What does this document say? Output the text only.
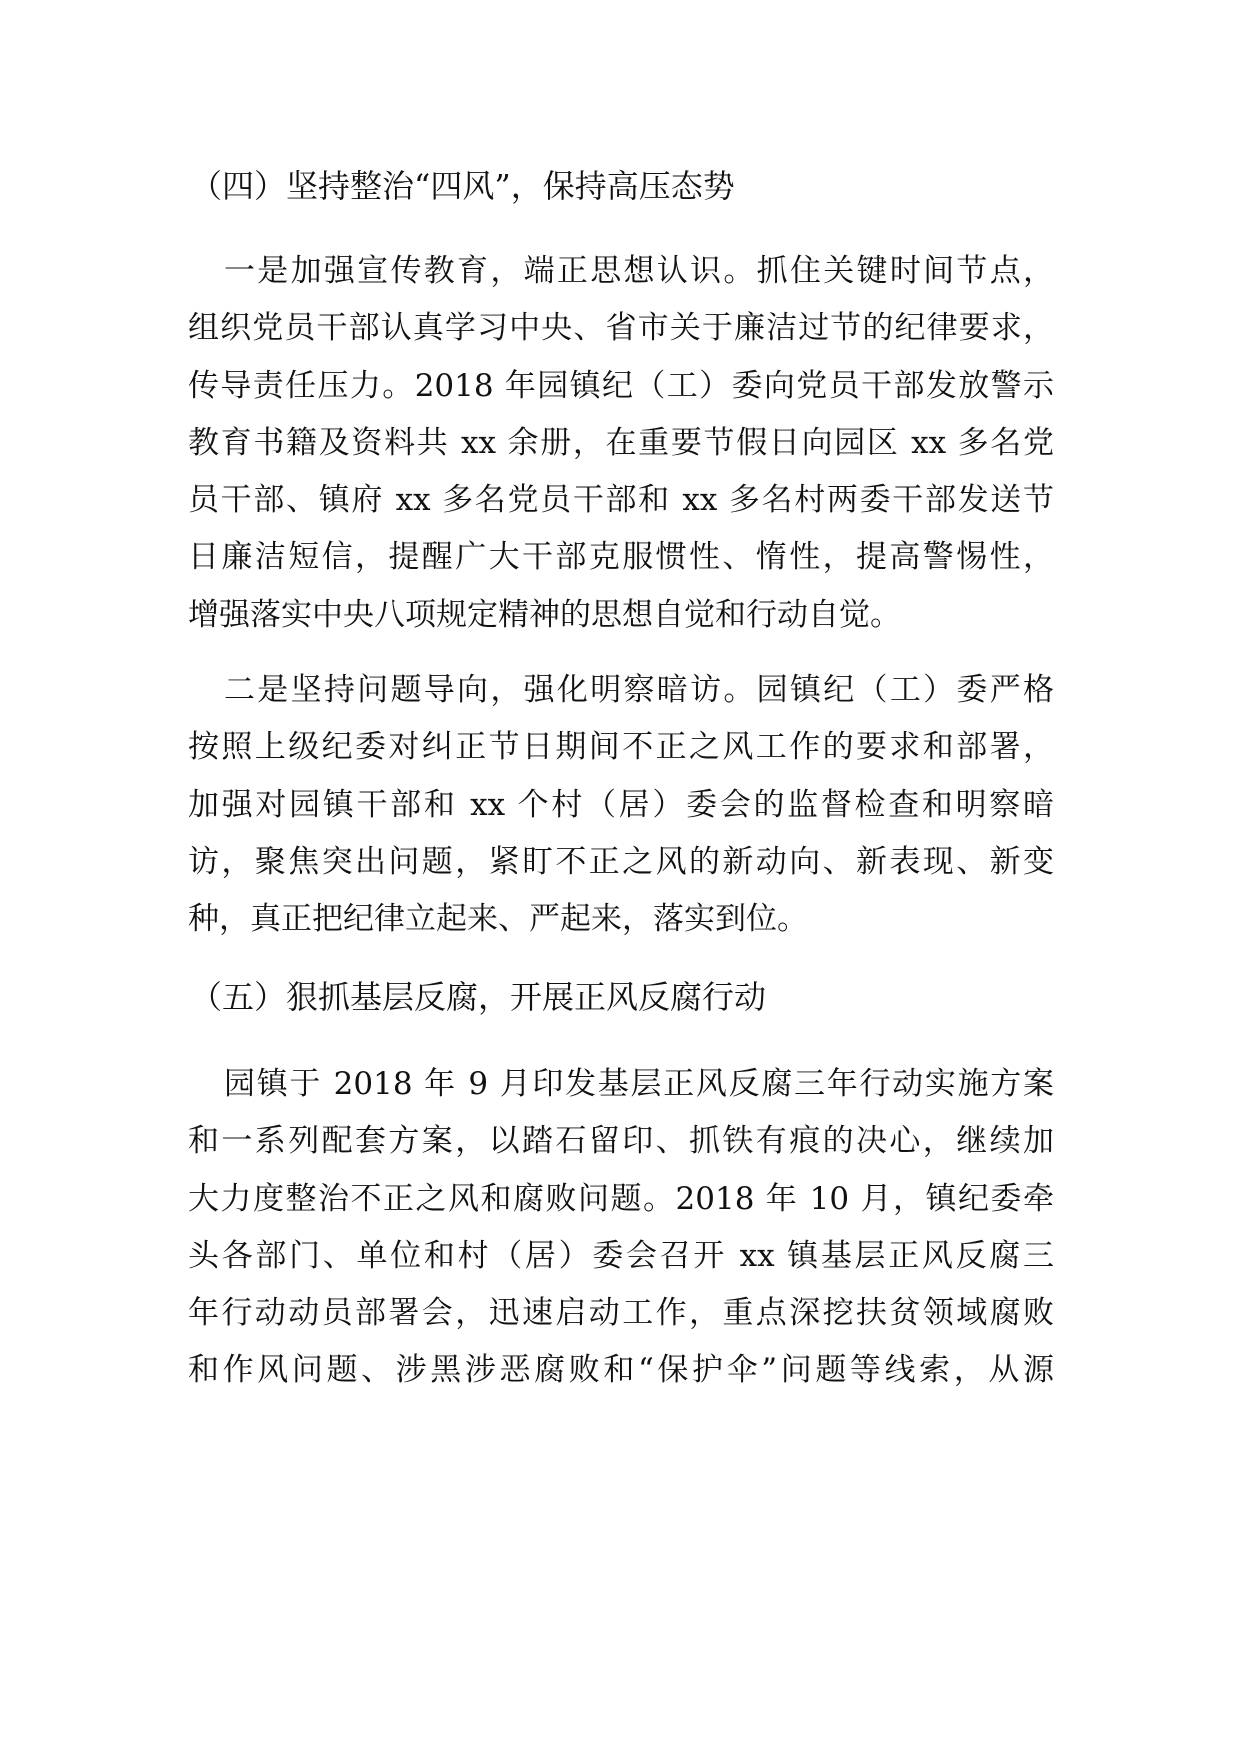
（四）坚持整治“四风”，保持高压态势
一是加强宣传教育，端正思想认识。抓住关键时间节点，
组织党员干部认真学习中央、省市关于廉洁过节的纪律要求，
传导责任压力。2018 年园镇纪（工）委向党员干部发放警示
教育书籍及资料共 xx 余册，在重要节假日向园区 xx 多名党
员干部、镇府 xx 多名党员干部和 xx 多名村两委干部发送节
日廉洁短信，提醒广大干部克服惯性、惰性，提高警惕性，
增强落实中央八项规定精神的思想自觉和行动自觉。
二是坚持问题导向，强化明察暗访。园镇纪（工）委严格
按照上级纪委对纠正节日期间不正之风工作的要求和部署，
加强对园镇干部和 xx 个村（居）委会的监督检查和明察暗
访，聚焦突出问题，紧盯不正之风的新动向、新表现、新变
种，真正把纪律立起来、严起来，落实到位。
（五）狠抓基层反腐，开展正风反腐行动
园镇于 2018 年 9 月印发基层正风反腐三年行动实施方案
和一系列配套方案，以踏石留印、抓铁有痕的决心，继续加
大力度整治不正之风和腐败问题。2018 年 10 月，镇纪委牵
头各部门、单位和村（居）委会召开 xx 镇基层正风反腐三
年行动动员部署会，迅速启动工作，重点深挖扶贫领域腐败
和作风问题、涉黑涉恶腐败和“保护伞”问题等线索，从源
